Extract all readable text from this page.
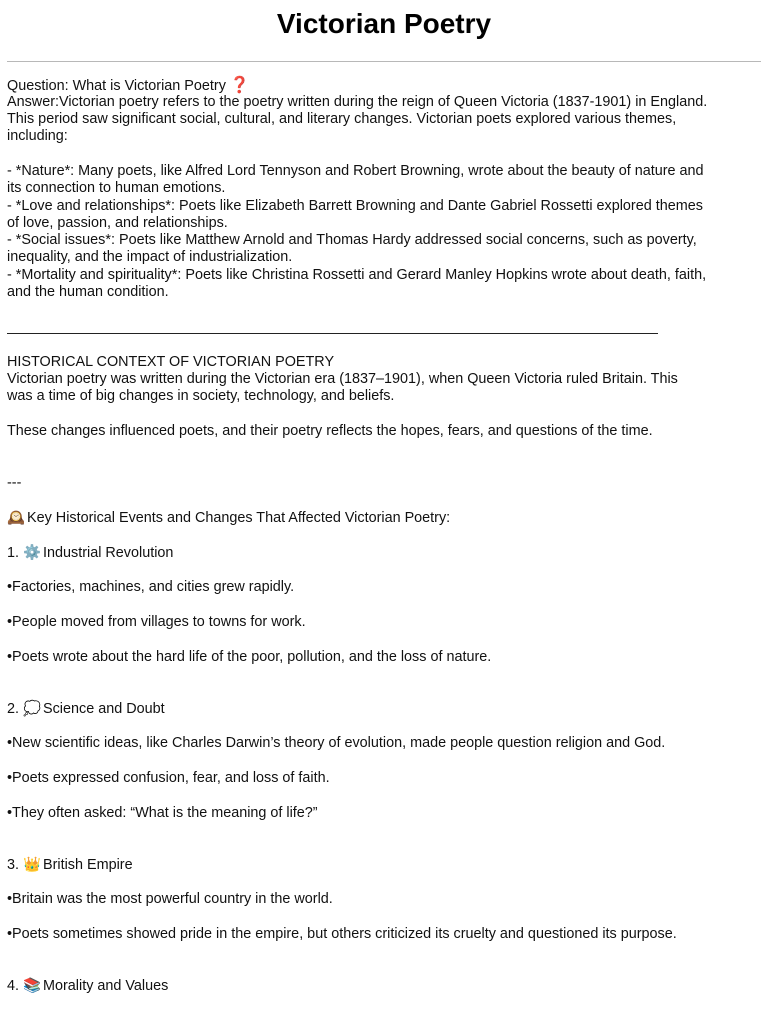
Victorian Poetry
Question: What is Victorian Poetry ❓
Answer:Victorian poetry refers to the poetry written during the reign of Queen Victoria (1837-1901) in England.
This period saw significant social, cultural, and literary changes. Victorian poets explored various themes,
including:
- *Nature*: Many poets, like Alfred Lord Tennyson and Robert Browning, wrote about the beauty of nature and
its connection to human emotions.
- *Love and relationships*: Poets like Elizabeth Barrett Browning and Dante Gabriel Rossetti explored themes
of love, passion, and relationships.
- *Social issues*: Poets like Matthew Arnold and Thomas Hardy addressed social concerns, such as poverty,
inequality, and the impact of industrialization.
- *Mortality and spirituality*: Poets like Christina Rossetti and Gerard Manley Hopkins wrote about death, faith,
and the human condition.
HISTORICAL CONTEXT OF VICTORIAN POETRY
Victorian poetry was written during the Victorian era (1837–1901), when Queen Victoria ruled Britain. This
was a time of big changes in society, technology, and beliefs.
These changes influenced poets, and their poetry reflects the hopes, fears, and questions of the time.
---
🕰️ Key Historical Events and Changes That Affected Victorian Poetry:
1. ⚙️ Industrial Revolution
•Factories, machines, and cities grew rapidly.
•People moved from villages to towns for work.
•Poets wrote about the hard life of the poor, pollution, and the loss of nature.
2. 💭 Science and Doubt
•New scientific ideas, like Charles Darwin’s theory of evolution, made people question religion and God.
•Poets expressed confusion, fear, and loss of faith.
•They often asked: “What is the meaning of life?”
3. 👑 British Empire
•Britain was the most powerful country in the world.
•Poets sometimes showed pride in the empire, but others criticized its cruelty and questioned its purpose.
4. 📚 Morality and Values
